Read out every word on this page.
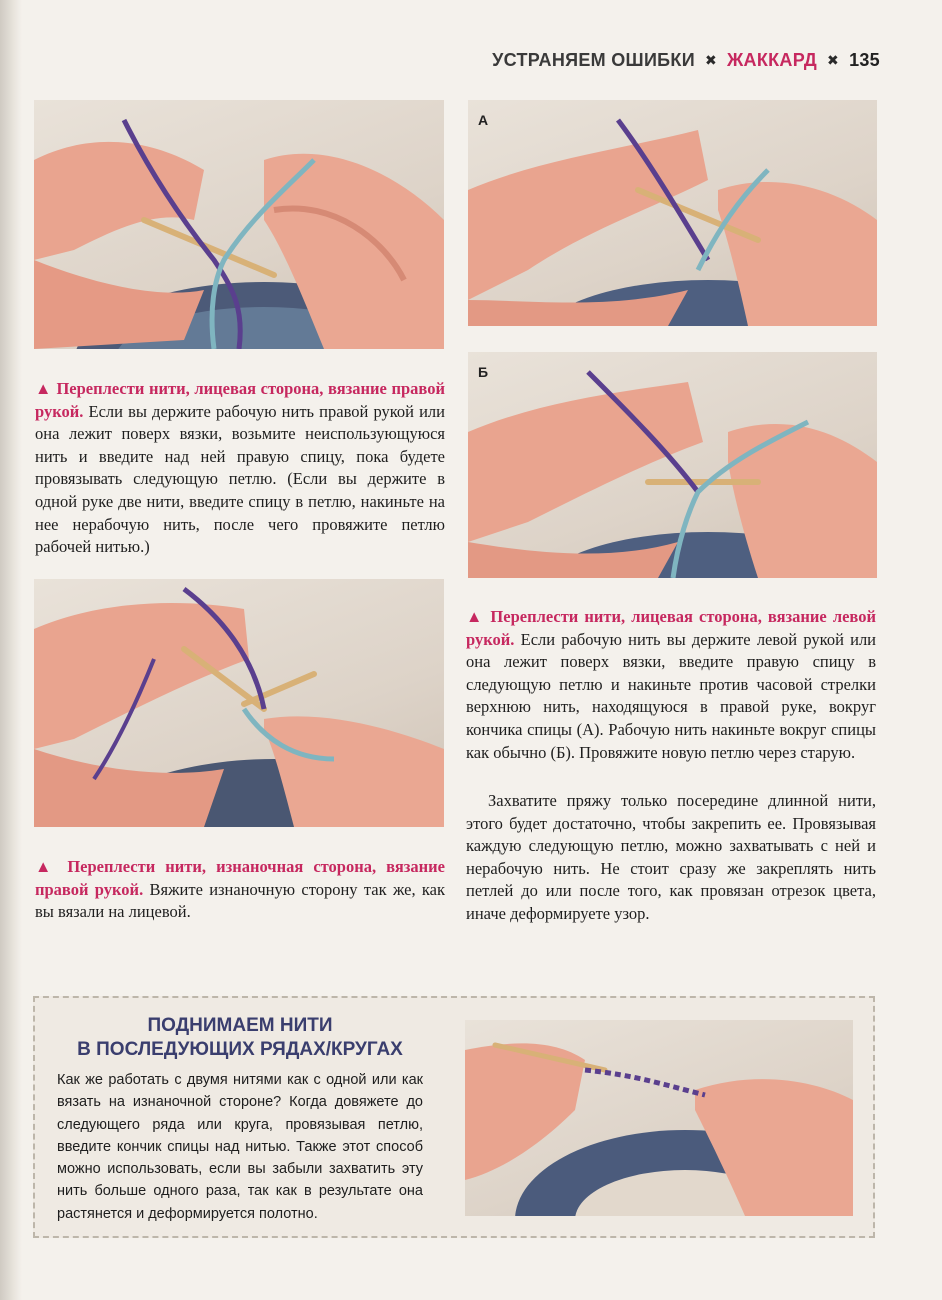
УСТРАНЯЕМ ОШИБКИ ✖ ЖАККАРД ✖ 135
А
Б

▲ Переплести нити, лицевая сторона, вязание правой рукой. Если вы держите рабочую нить правой рукой или она лежит поверх вязки, возьмите неиспользующуюся нить и введите над ней правую спицу, пока будете провязывать следующую петлю. (Если вы держите в одной руке две нити, введите спицу в петлю, накиньте на нее нерабочую нить, после чего провяжите петлю рабочей нитью.)

▲ Переплести нити, изнаночная сторона, вязание правой рукой. Вяжите изнаночную сторону так же, как вы вязали на лицевой.

▲ Переплести нити, лицевая сторона, вязание левой рукой. Если рабочую нить вы держите левой рукой или она лежит поверх вязки, введите правую спицу в следующую петлю и накиньте против часовой стрелки верхнюю нить, находящуюся в правой руке, вокруг кончика спицы (А). Рабочую нить накиньте вокруг спицы как обычно (Б). Провяжите новую петлю через старую.

Захватите пряжу только посередине длинной нити, этого будет достаточно, чтобы закрепить ее. Провязывая каждую следующую петлю, можно захватывать с ней и нерабочую нить. Не стоит сразу же закреплять нить петлей до или после того, как провязан отрезок цвета, иначе деформируете узор.

ПОДНИМАЕМ НИТИ
В ПОСЛЕДУЮЩИХ РЯДАХ/КРУГАХ

Как же работать с двумя нитями как с одной или как вязать на изнаночной стороне? Когда довяжете до следующего ряда или круга, провязывая петлю, введите кончик спицы над нитью. Также этот способ можно использовать, если вы забыли захватить эту нить больше одного раза, так как в результате она растянется и деформируется полотно.
